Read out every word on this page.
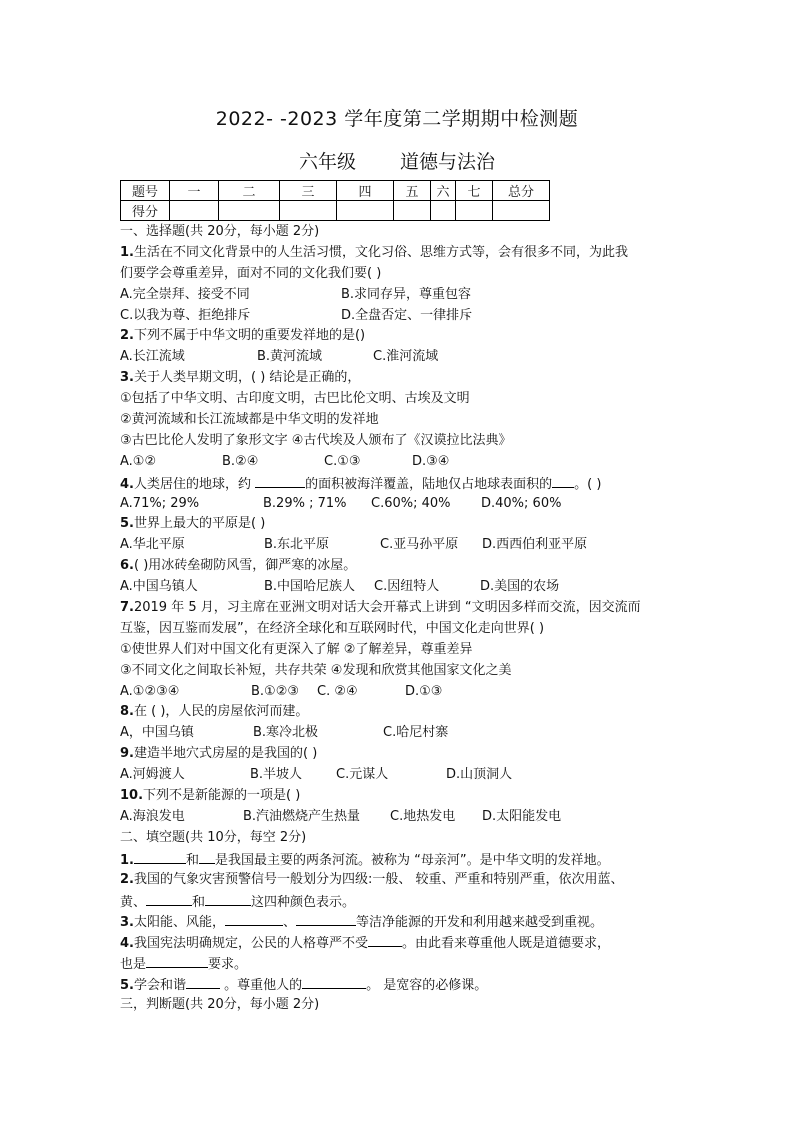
2022- -2023 学年度第二学期期中检测题
六年级 道德与法治
题号	一	二	三	四	五	六	七	总分
得分								
一、选择题(共 20分，每小题 2分)
1.生活在不同文化背景中的人生活习惯，文化习俗、思维方式等，会有很多不同，为此我
们要学会尊重差异，面对不同的文化我们要( )
A.完全崇拜、接受不同	B.求同存异，尊重包容
C.以我为尊、拒绝排斥	D.全盘否定、一律排斥
2.下列不属于中华文明的重要发祥地的是()
A.长江流域	B.黄河流域	C.淮河流域
3.关于人类早期文明，( ) 结论是正确的，
①包括了中华文明、古印度文明，古巴比伦文明、古埃及文明
②黄河流域和长江流域都是中华文明的发祥地
③古巴比伦人发明了象形文字 ④古代埃及人颁布了《汉谟拉比法典》
A.①②	B.②④	C.①③	D.③④
4.人类居住的地球，约	的面积被海洋覆盖，陆地仅占地球表面积的 。( )
A.71%; 29%	B.29% ; 71% C.60%; 40% D.40%; 60%
5.世界上最大的平原是( )
A.华北平原	B.东北平原	C.亚马孙平原 D.西西伯利亚平原
6.( )用冰砖垒砌防风雪，御严寒的冰屋。
A.中国乌镇人	B.中国哈尼族人 C.因纽特人	D.美国的农场
7.2019 年 5 月，习主席在亚洲文明对话大会开幕式上讲到 “文明因多样而交流，因交流而
互鉴，因互鉴而发展”，在经济全球化和互联网时代，中国文化走向世界( )
①使世界人们对中国文化有更深入了解 ②了解差异，尊重差异
③不同文化之间取长补短，共存共荣 ④发现和欣赏其他国家文化之美
A.①②③④	B.①②③ C. ②④	D.①③
8.在 ( )，人民的房屋依河而建。
A，中国乌镇	B.寒冷北极	C.哈尼村寨
9.建造半地穴式房屋的是我国的( )
A.河姆渡人	B.半坡人	C.元谋人	D.山顶洞人
10.下列不是新能源的一项是( )
A.海浪发电	B.汽油燃烧产生热量 C.地热发电 D.太阳能发电
二、填空题(共 10分，每空 2分)
1.	和 是我国最主要的两条河流。被称为 “母亲河”。是中华文明的发祥地。
2.我国的气象灾害预警信号一般划分为四级:一般、 较重、严重和特别严重，依次用蓝、
黄、	和	这四种颜色表示。
3.太阳能、风能，	、	等洁净能源的开发和利用越来越受到重视。
4.我国宪法明确规定，公民的人格尊严不受	。由此看来尊重他人既是道德要求，
也是	要求。
5.学会和谐	。尊重他人的	。 是宽容的必修课。
三，判断题(共 20分，每小题 2分)
